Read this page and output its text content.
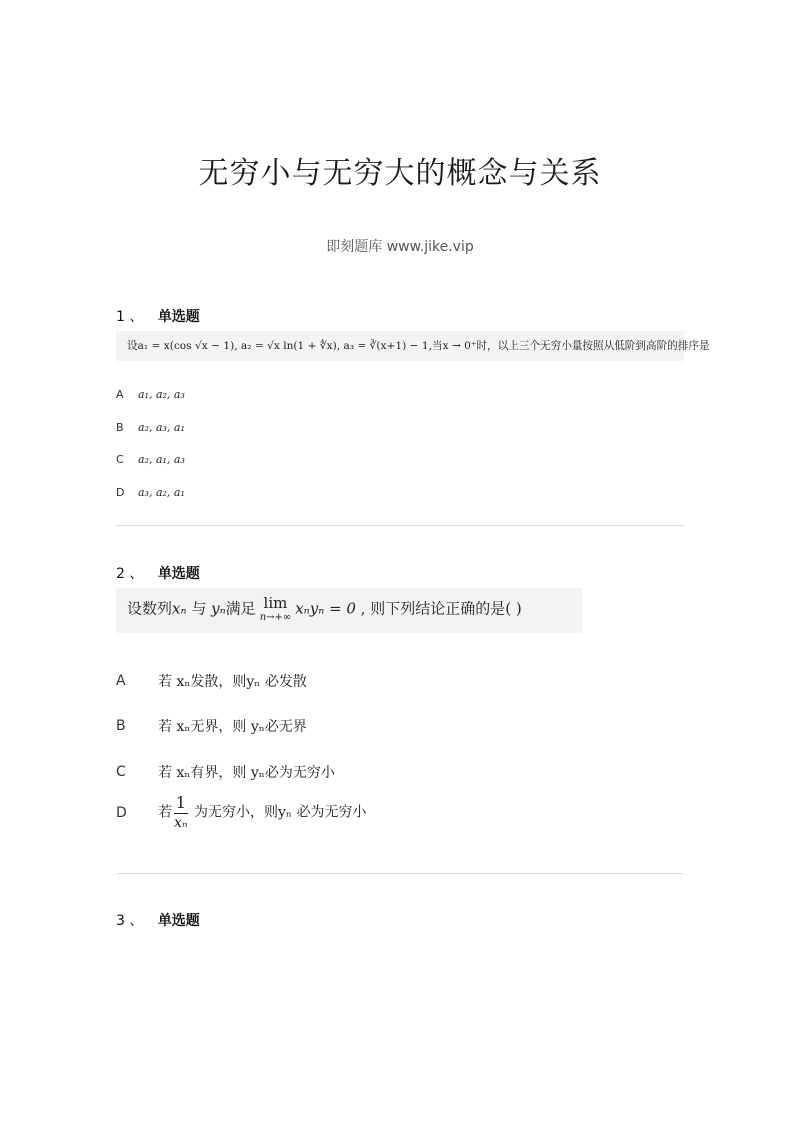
无穷小与无穷大的概念与关系
即刻题库 www.jike.vip
1 、 单选题
设a₁ = x(cos √x − 1), a₂ = √x ln(1 + ∜x), a₃ = ∛(x+1) − 1,当x → 0⁺时，以上三个无穷小量按照从低阶到高阶的排序是
A	a₁, a₂, a₃
B	a₂, a₃, a₁
C	a₂, a₁, a₃
D	a₃, a₂, a₁
2 、 单选题
设数列xₙ 与 yₙ满足 lim
n→+∞ xₙyₙ = 0 , 则下列结论正确的是( )
A	若 xₙ发散，则yₙ 必发散
B	若 xₙ无界，则 yₙ必无界
C	若 xₙ有界，则 yₙ必为无穷小
D	若 $\frac{1}{\text{xₙ}}$ 为无穷小，则yₙ 必为无穷小
3 、 单选题
